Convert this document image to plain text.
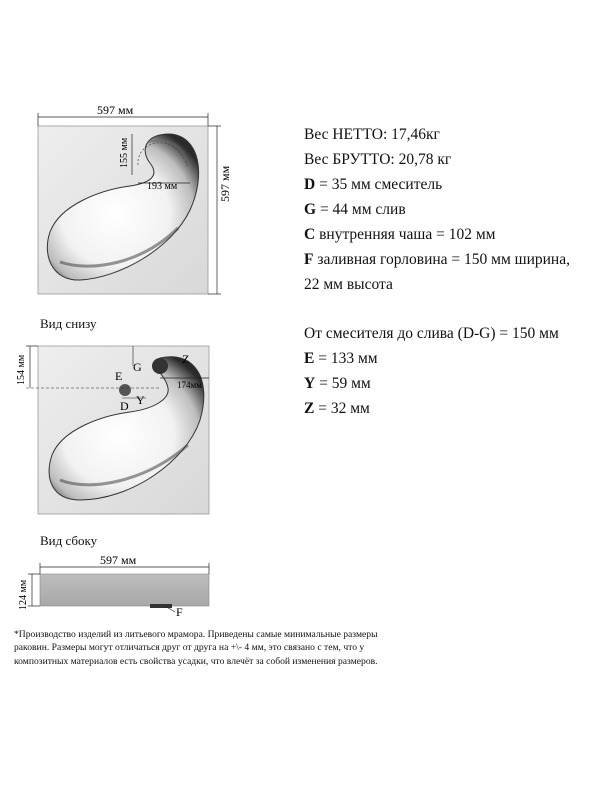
597 мм
597 мм
155 мм
193 мм
154 мм	174мм
G
E
Z
D Y
597 мм
124 мм
F
Вид снизу
Вид сбоку
Вес НЕТТО: 17,46кг
Вес БРУТТО: 20,78 кг
D = 35 мм смеситель
G = 44 мм слив
C внутренняя чаша = 102 мм
F заливная горловина = 150 мм ширина,
22 мм высота
От смесителя до слива (D-G) = 150 мм
E = 133 мм
Y = 59 мм
Z = 32 мм
*Производство изделий из литьевого мрамора. Приведены самые минимальные размеры раковин. Размеры могут отличаться друг от друга на +\- 4 мм, это связано с тем, что у композитных материалов есть свойства усадки, что влечёт за собой изменения размеров.
